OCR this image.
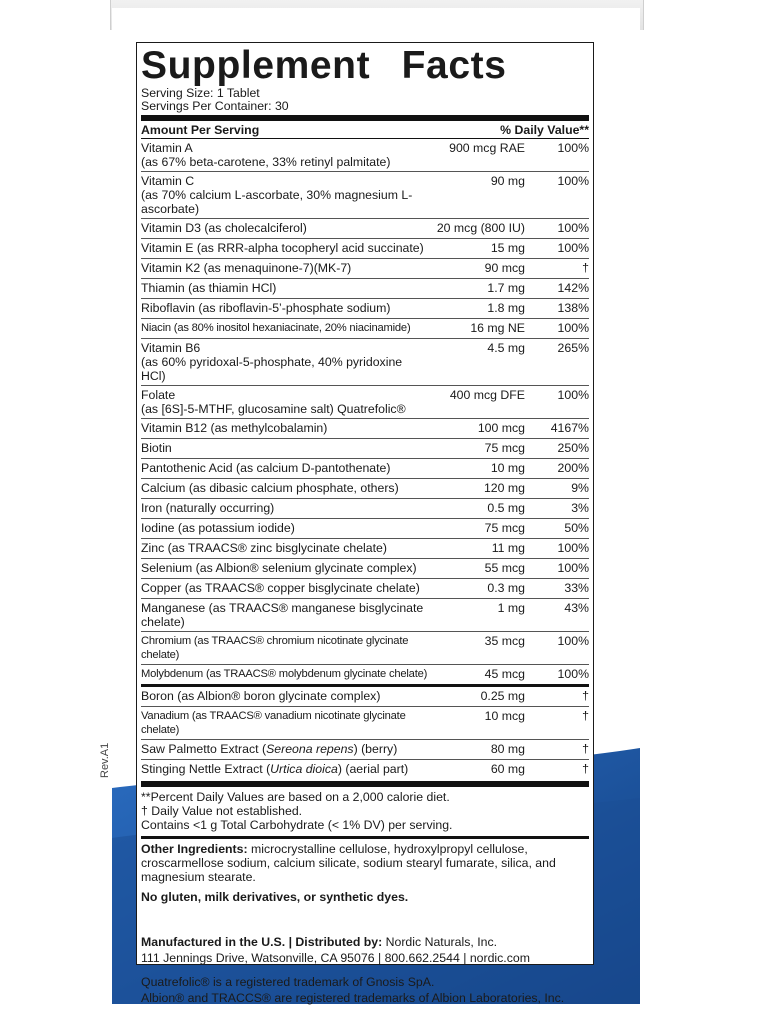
Rev.A1
Supplement Facts
Serving Size: 1 Tablet
Servings Per Container: 30
Amount Per Serving	% Daily Value**
Vitamin A
(as 67% beta-carotene, 33% retinyl palmitate)
900 mcg RAE	100%
Vitamin C
(as 70% calcium L-ascorbate, 30% magnesium L-ascorbate)
90 mg	100%
Vitamin D3 (as cholecalciferol)	20 mcg (800 IU)	100%
Vitamin E (as RRR-alpha tocopheryl acid succinate)	15 mg	100%
Vitamin K2 (as menaquinone-7)(MK-7)	90 mcg	†
Thiamin (as thiamin HCl)	1.7 mg	142%
Riboflavin (as riboflavin-5’-phosphate sodium)	1.8 mg	138%
Niacin (as 80% inositol hexaniacinate, 20% niacinamide)	16 mg NE	100%
Vitamin B6
(as 60% pyridoxal-5-phosphate, 40% pyridoxine HCl)
4.5 mg	265%
Folate
(as [6S]-5-MTHF, glucosamine salt) Quatrefolic®
400 mcg DFE	100%
Vitamin B12 (as methylcobalamin)	100 mcg	4167%
Biotin	75 mcg	250%
Pantothenic Acid (as calcium D-pantothenate)	10 mg	200%
Calcium (as dibasic calcium phosphate, others)	120 mg	9%
Iron (naturally occurring)	0.5 mg	3%
Iodine (as potassium iodide)	75 mcg	50%
Zinc (as TRAACS® zinc bisglycinate chelate)	11 mg	100%
Selenium (as Albion® selenium glycinate complex)	55 mcg	100%
Copper (as TRAACS® copper bisglycinate chelate)	0.3 mg	33%
Manganese (as TRAACS® manganese bisglycinate chelate)
1 mg	43%
Chromium (as TRAACS® chromium nicotinate glycinate chelate)
35 mcg	100%
Molybdenum (as TRAACS® molybdenum glycinate chelate)	45 mcg	100%
Boron (as Albion® boron glycinate complex)	0.25 mg	†
Vanadium (as TRAACS® vanadium nicotinate glycinate chelate)
10 mcg	†
Saw Palmetto Extract (Sereona repens) (berry)	80 mg	†
Stinging Nettle Extract (Urtica dioica) (aerial part)	60 mg	†
**Percent Daily Values are based on a 2,000 calorie diet.
† Daily Value not established.
Contains <1 g Total Carbohydrate (< 1% DV) per serving.
Other Ingredients: microcrystalline cellulose, hydroxylpropyl cellulose, croscarmellose sodium, calcium silicate, sodium stearyl fumarate, silica, and magnesium stearate.
No gluten, milk derivatives, or synthetic dyes.
Manufactured in the U.S. | Distributed by: Nordic Naturals, Inc.
111 Jennings Drive, Watsonville, CA 95076 | 800.662.2544 | nordic.com
Quatrefolic® is a registered trademark of Gnosis SpA.
Albion® and TRACCS® are registered trademarks of Albion Laboratories, Inc.
